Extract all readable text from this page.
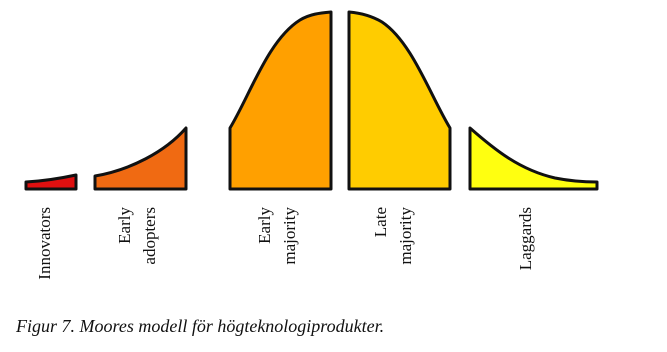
Innovators	Early adopters	Early majority	Late majority	Laggards

Figur 7. Moores modell för högteknologiprodukter.
